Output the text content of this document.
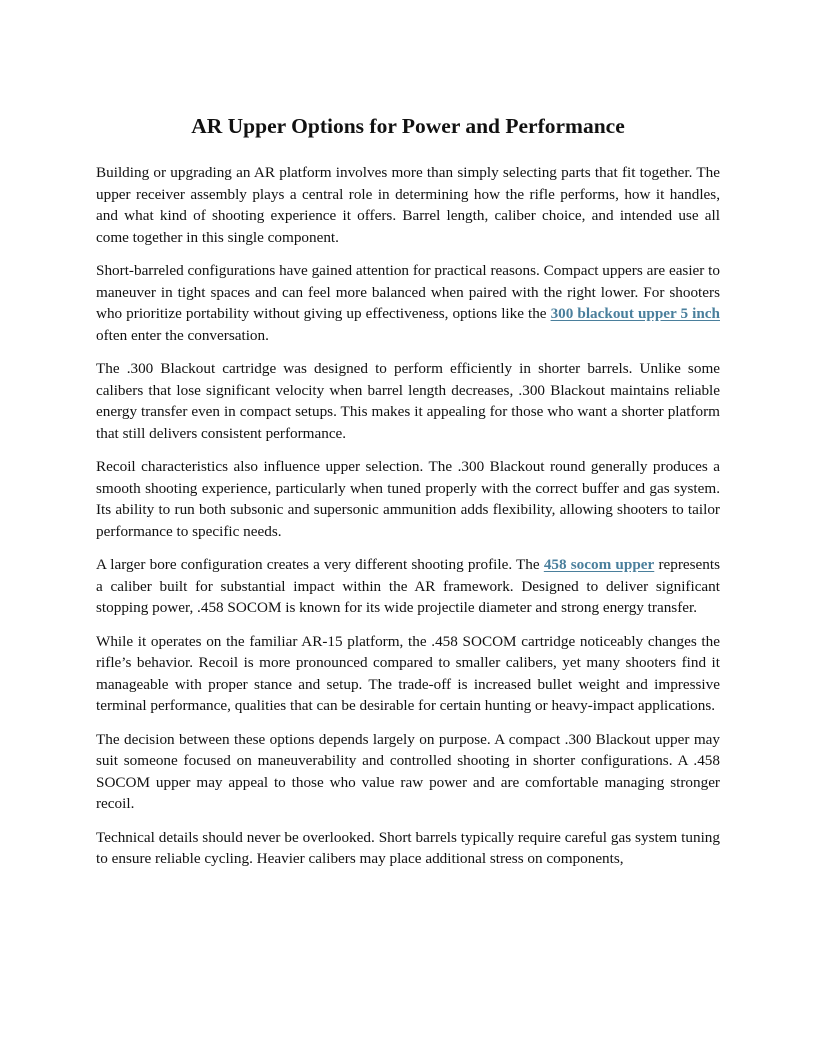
AR Upper Options for Power and Performance

Building or upgrading an AR platform involves more than simply selecting parts that fit together. The upper receiver assembly plays a central role in determining how the rifle performs, how it handles, and what kind of shooting experience it offers. Barrel length, caliber choice, and intended use all come together in this single component.

Short-barreled configurations have gained attention for practical reasons. Compact uppers are easier to maneuver in tight spaces and can feel more balanced when paired with the right lower. For shooters who prioritize portability without giving up effectiveness, options like the 300 blackout upper 5 inch often enter the conversation.

The .300 Blackout cartridge was designed to perform efficiently in shorter barrels. Unlike some calibers that lose significant velocity when barrel length decreases, .300 Blackout maintains reliable energy transfer even in compact setups. This makes it appealing for those who want a shorter platform that still delivers consistent performance.

Recoil characteristics also influence upper selection. The .300 Blackout round generally produces a smooth shooting experience, particularly when tuned properly with the correct buffer and gas system. Its ability to run both subsonic and supersonic ammunition adds flexibility, allowing shooters to tailor performance to specific needs.

A larger bore configuration creates a very different shooting profile. The 458 socom upper represents a caliber built for substantial impact within the AR framework. Designed to deliver significant stopping power, .458 SOCOM is known for its wide projectile diameter and strong energy transfer.

While it operates on the familiar AR-15 platform, the .458 SOCOM cartridge noticeably changes the rifle’s behavior. Recoil is more pronounced compared to smaller calibers, yet many shooters find it manageable with proper stance and setup. The trade-off is increased bullet weight and impressive terminal performance, qualities that can be desirable for certain hunting or heavy-impact applications.

The decision between these options depends largely on purpose. A compact .300 Blackout upper may suit someone focused on maneuverability and controlled shooting in shorter configurations. A .458 SOCOM upper may appeal to those who value raw power and are comfortable managing stronger recoil.

Technical details should never be overlooked. Short barrels typically require careful gas system tuning to ensure reliable cycling. Heavier calibers may place additional stress on components,
